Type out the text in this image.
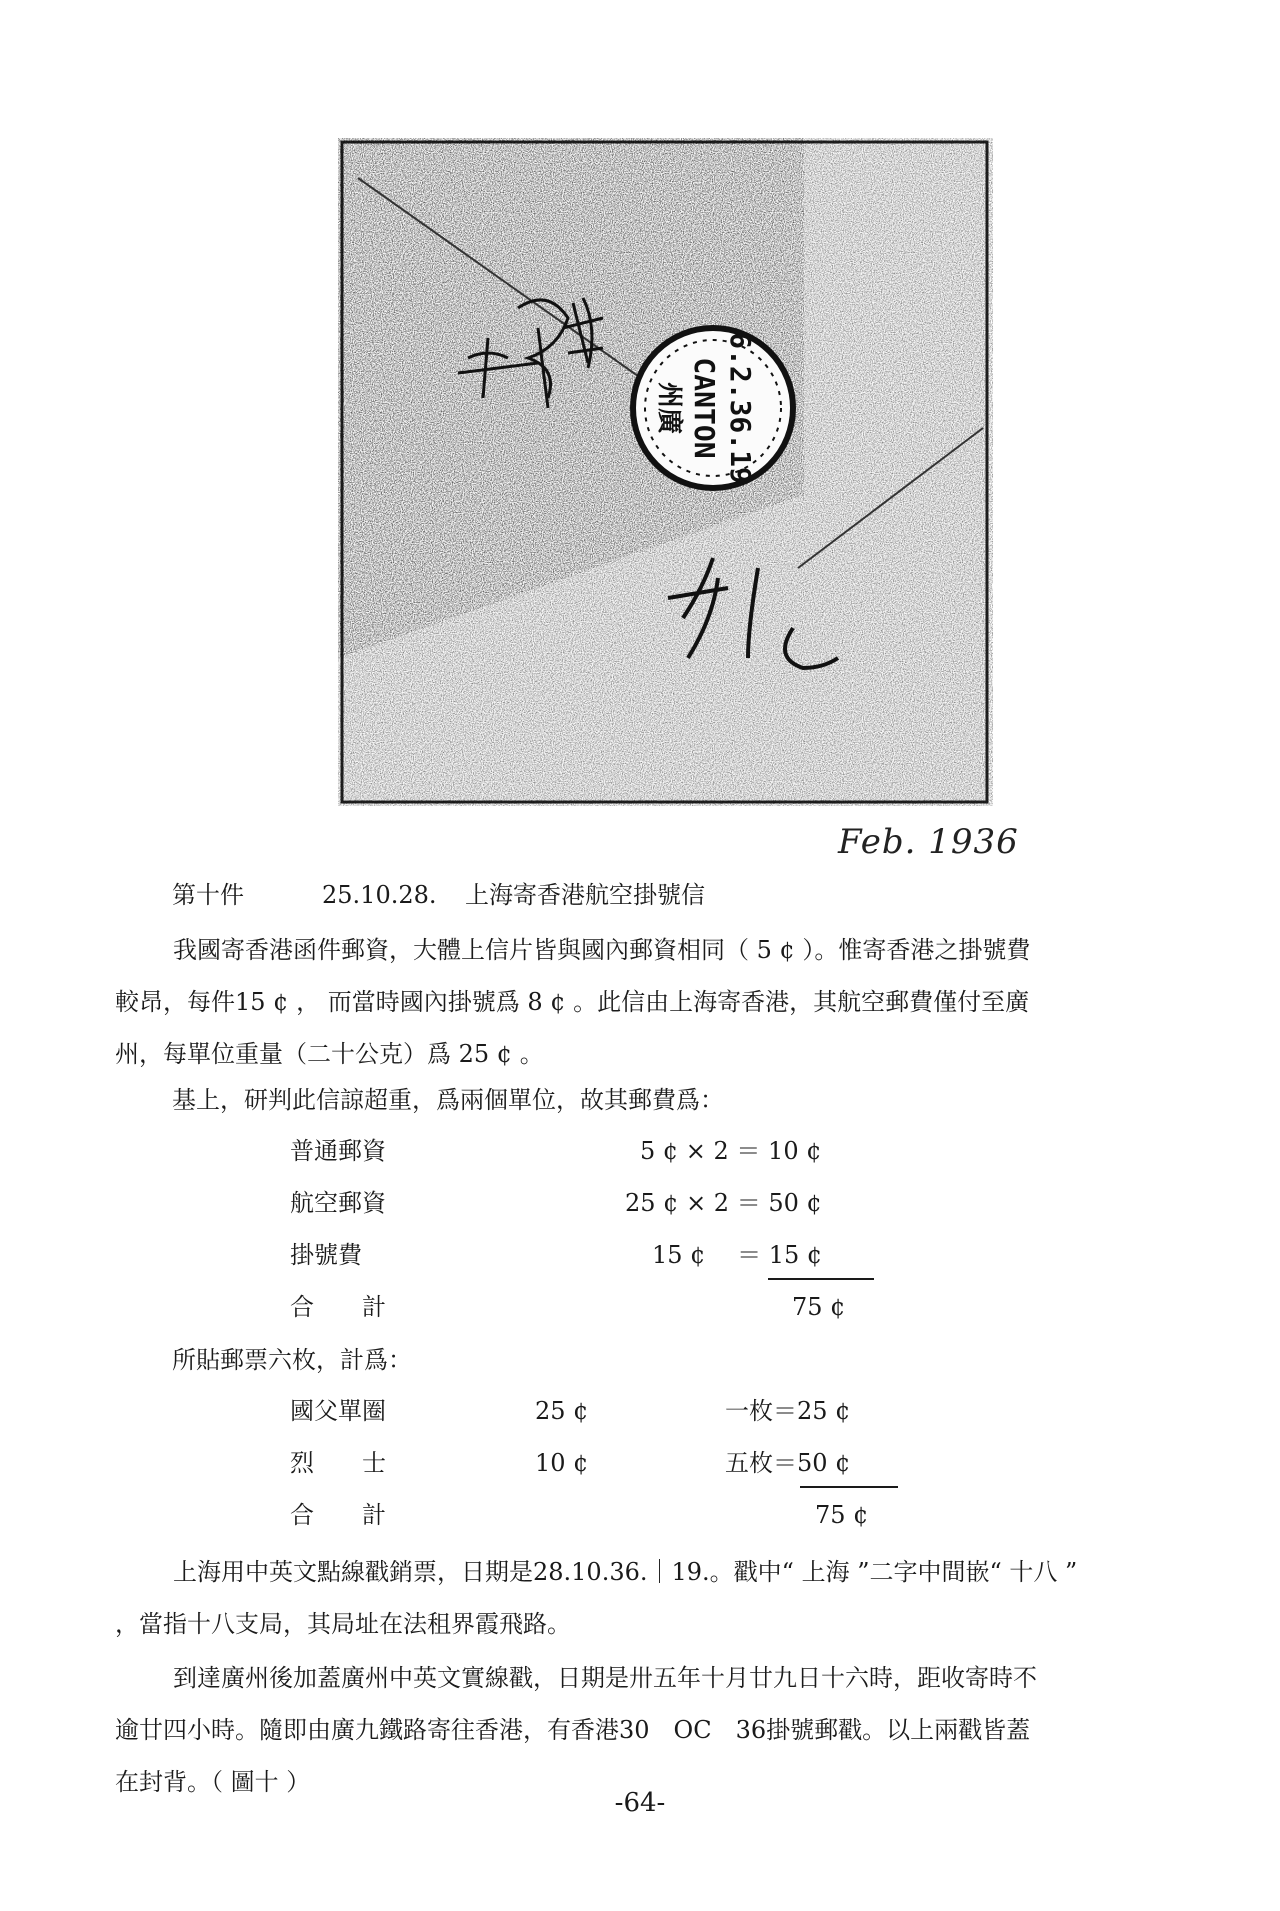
6.2.36.19
CANTON
州廣
Feb. 1936
第十件	25.10.28. 上海寄香港航空掛號信
我國寄香港函件郵資，大體上信片皆與國內郵資相同（ 5 ¢ ）。惟寄香港之掛號費
較昂，每件15 ¢ ， 而當時國內掛號爲 8 ¢ 。此信由上海寄香港，其航空郵費僅付至廣
州，每單位重量（二十公克）爲 25 ¢ 。
基上，研判此信諒超重，爲兩個單位，故其郵費爲：
普通郵資	5 ¢ × 2 ＝ 10 ¢
航空郵資	25 ¢ × 2 ＝ 50 ¢
掛號費	15 ¢　 ＝ 15 ¢
合　　計	75 ¢
所貼郵票六枚，計爲：
國父單圈	25 ¢	一枚＝25 ¢
烈　　士	10 ¢	五枚＝50 ¢
合　　計	75 ¢
上海用中英文點線戳銷票，日期是28.10.36.｜19.。戳中“ 上海 ”二字中間嵌“ 十八 ”
，當指十八支局，其局址在法租界霞飛路。
到達廣州後加蓋廣州中英文實線戳，日期是卅五年十月廿九日十六時，距收寄時不
逾廿四小時。隨即由廣九鐵路寄往香港，有香港30　OC　36掛號郵戳。以上兩戳皆蓋
在封背。（ 圖十 ）
-64-
